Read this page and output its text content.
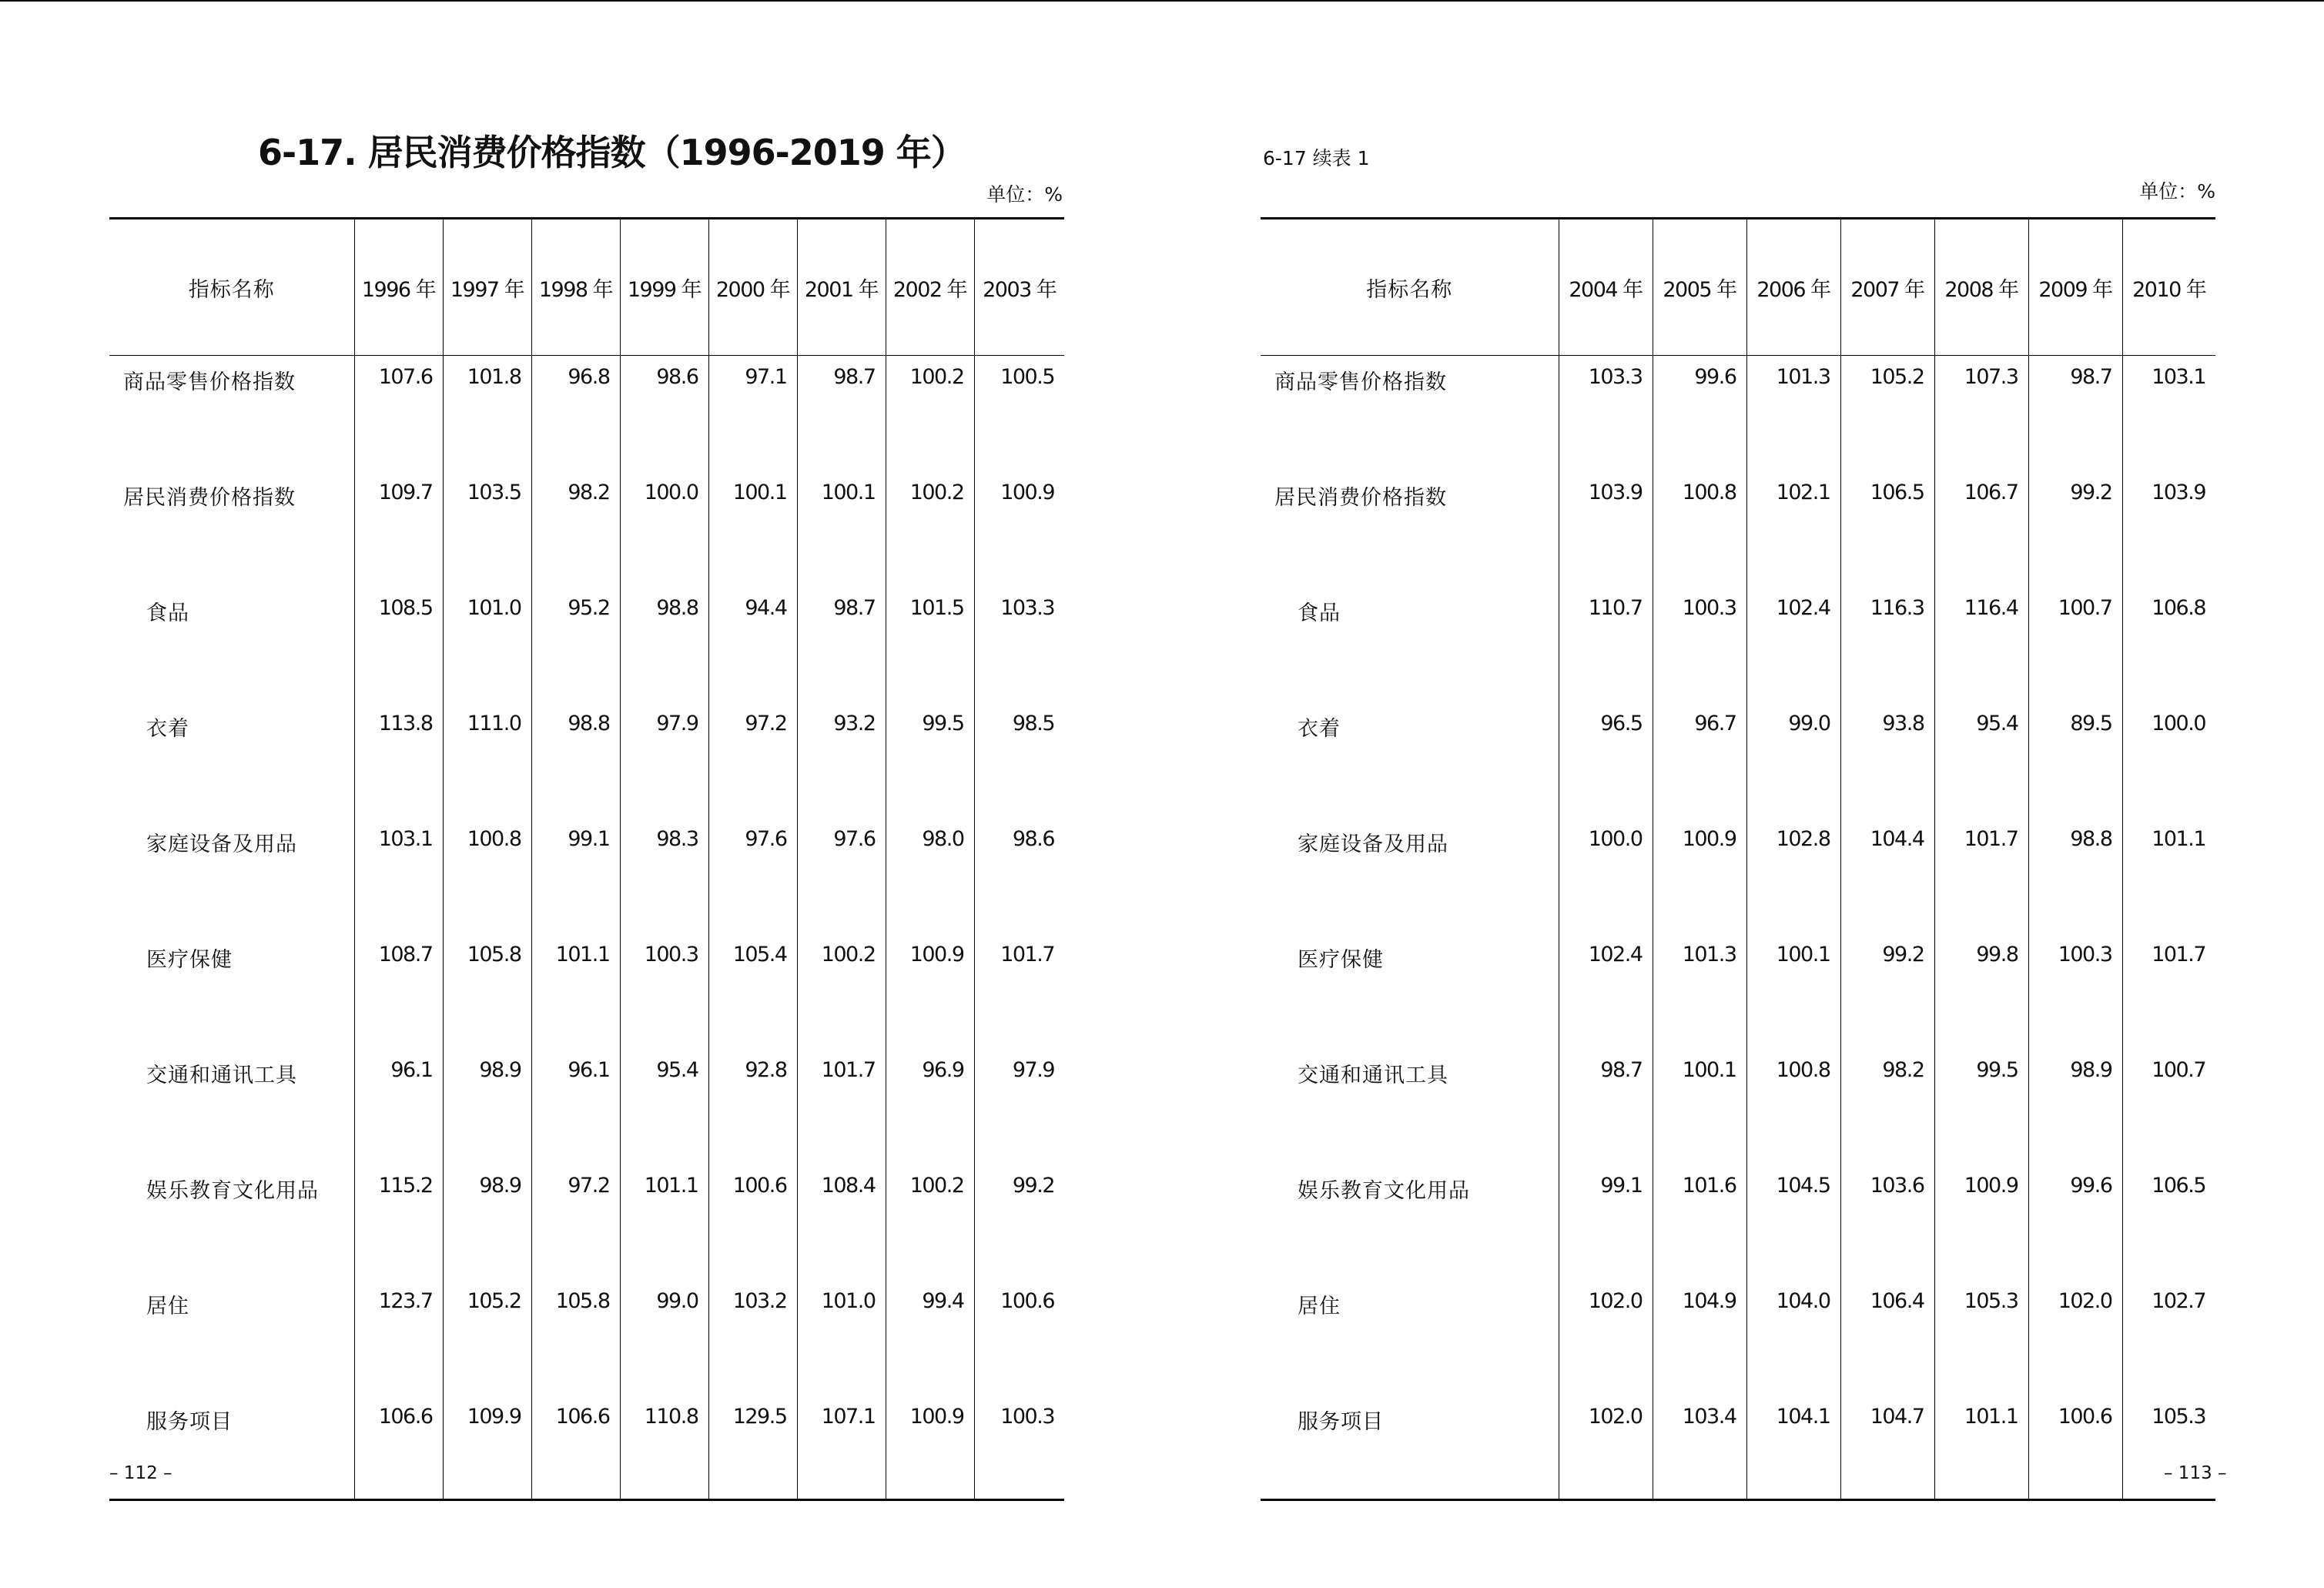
6-17. 居民消费价格指数（1996-2019 年）
单位：%
指标名称	1996 年	1997 年	1998 年	1999 年	2000 年	2001 年	2002 年	2003 年
商品零售价格指数	107.6	101.8	96.8	98.6	97.1	98.7	100.2	100.5
居民消费价格指数	109.7	103.5	98.2	100.0	100.1	100.1	100.2	100.9
食品	108.5	101.0	95.2	98.8	94.4	98.7	101.5	103.3
衣着	113.8	111.0	98.8	97.9	97.2	93.2	99.5	98.5
家庭设备及用品	103.1	100.8	99.1	98.3	97.6	97.6	98.0	98.6
医疗保健	108.7	105.8	101.1	100.3	105.4	100.2	100.9	101.7
交通和通讯工具	96.1	98.9	96.1	95.4	92.8	101.7	96.9	97.9
娱乐教育文化用品	115.2	98.9	97.2	101.1	100.6	108.4	100.2	99.2
居住	123.7	105.2	105.8	99.0	103.2	101.0	99.4	100.6
服务项目	106.6	109.9	106.6	110.8	129.5	107.1	100.9	100.3
– 112 –
6-17 续表 1
单位：%
指标名称	2004 年	2005 年	2006 年	2007 年	2008 年	2009 年	2010 年
商品零售价格指数	103.3	99.6	101.3	105.2	107.3	98.7	103.1
居民消费价格指数	103.9	100.8	102.1	106.5	106.7	99.2	103.9
食品	110.7	100.3	102.4	116.3	116.4	100.7	106.8
衣着	96.5	96.7	99.0	93.8	95.4	89.5	100.0
家庭设备及用品	100.0	100.9	102.8	104.4	101.7	98.8	101.1
医疗保健	102.4	101.3	100.1	99.2	99.8	100.3	101.7
交通和通讯工具	98.7	100.1	100.8	98.2	99.5	98.9	100.7
娱乐教育文化用品	99.1	101.6	104.5	103.6	100.9	99.6	106.5
居住	102.0	104.9	104.0	106.4	105.3	102.0	102.7
服务项目	102.0	103.4	104.1	104.7	101.1	100.6	105.3
– 113 –
